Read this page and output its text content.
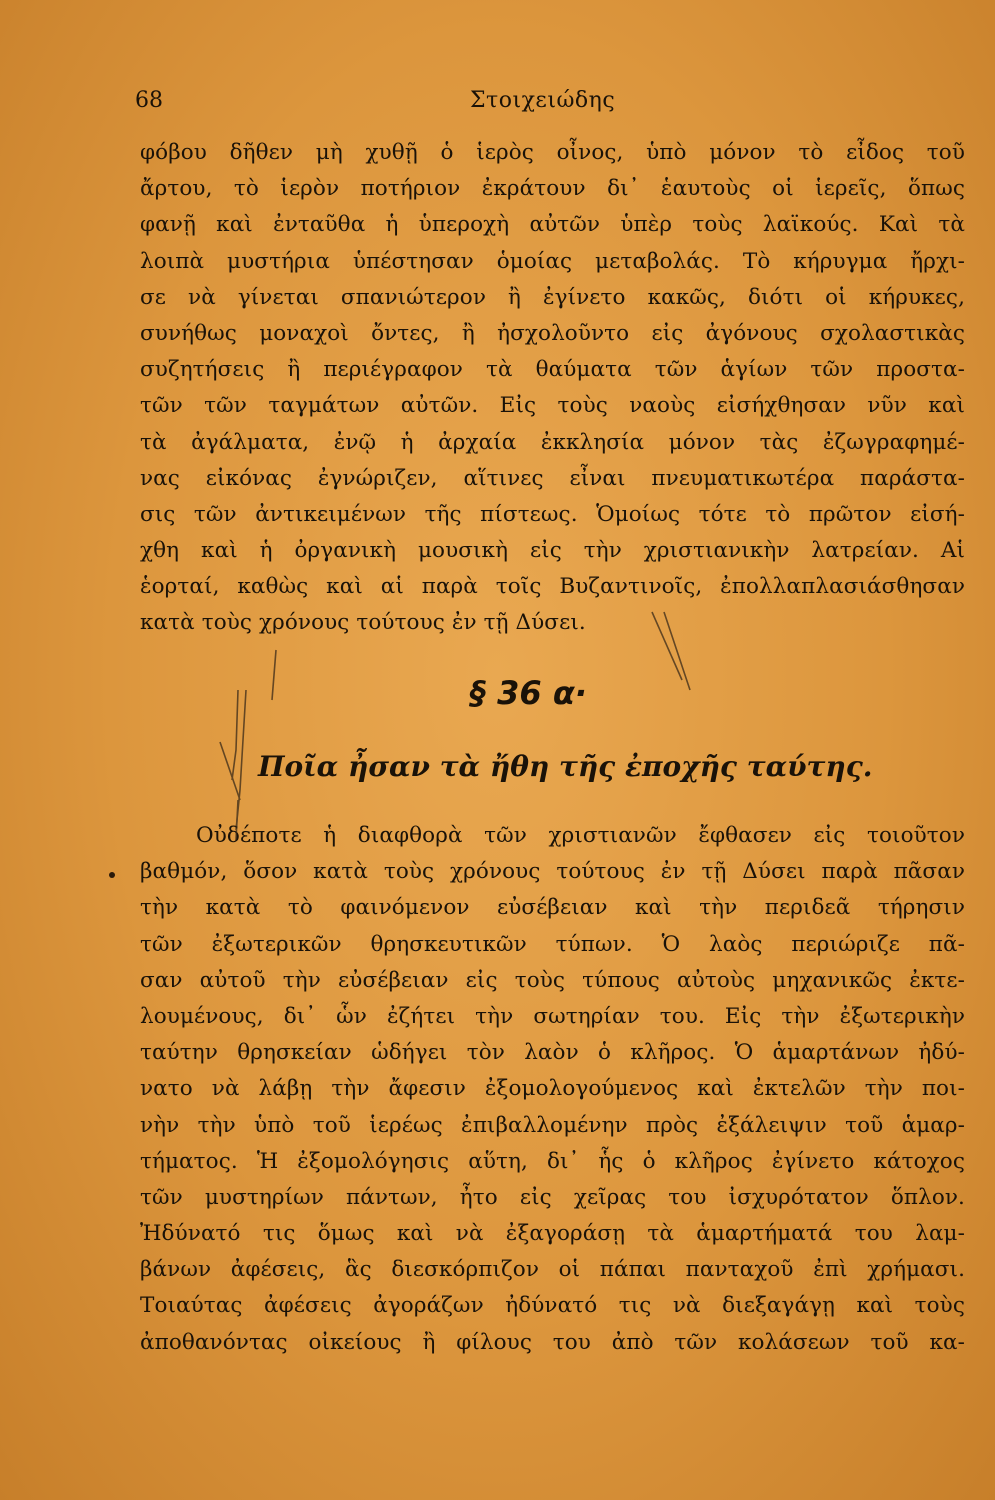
68	Στοιχειώδης
φόβου δῆθεν μὴ χυθῇ ὁ ἱερὸς οἶνος, ὑπὸ μόνον τὸ εἶδος τοῦ
ἄρτου, τὸ ἱερὸν ποτήριον ἐκράτουν δι᾽ ἑαυτοὺς οἱ ἱερεῖς, ὅπως
φανῇ καὶ ἐνταῦθα ἡ ὑπεροχὴ αὐτῶν ὑπὲρ τοὺς λαϊκούς. Καὶ τὰ
λοιπὰ μυστήρια ὑπέστησαν ὁμοίας μεταβολάς. Τὸ κήρυγμα ἤρχι-
σε νὰ γίνεται σπανιώτερον ἢ ἐγίνετο κακῶς, διότι οἱ κήρυκες,
συνήθως μοναχοὶ ὄντες, ἢ ἠσχολοῦντο εἰς ἀγόνους σχολαστικὰς
συζητήσεις ἢ περιέγραφον τὰ θαύματα τῶν ἁγίων τῶν προστα-
τῶν τῶν ταγμάτων αὐτῶν. Εἰς τοὺς ναοὺς εἰσήχθησαν νῦν καὶ
τὰ ἀγάλματα, ἐνῷ ἡ ἀρχαία ἐκκλησία μόνον τὰς ἐζωγραφημέ-
νας εἰκόνας ἐγνώριζεν, αἵτινες εἶναι πνευματικωτέρα παράστα-
σις τῶν ἀντικειμένων τῆς πίστεως. Ὁμοίως τότε τὸ πρῶτον εἰσή-
χθη καὶ ἡ ὀργανικὴ μουσικὴ εἰς τὴν χριστιανικὴν λατρείαν. Αἱ
ἑορταί, καθὼς καὶ αἱ παρὰ τοῖς Βυζαντινοῖς, ἐπολλαπλασιάσθησαν
κατὰ τοὺς χρόνους τούτους ἐν τῇ Δύσει.
§ 36 α·
Ποῖα ἦσαν τὰ ἤθη τῆς ἐποχῆς ταύτης.
Οὐδέποτε ἡ διαφθορὰ τῶν χριστιανῶν ἔφθασεν εἰς τοιοῦτον
βαθμόν, ὅσον κατὰ τοὺς χρόνους τούτους ἐν τῇ Δύσει παρὰ πᾶσαν
τὴν κατὰ τὸ φαινόμενον εὐσέβειαν καὶ τὴν περιδεᾶ τήρησιν
τῶν ἐξωτερικῶν θρησκευτικῶν τύπων. Ὁ λαὸς περιώριζε πᾶ-
σαν αὐτοῦ τὴν εὐσέβειαν εἰς τοὺς τύπους αὐτοὺς μηχανικῶς ἐκτε-
λουμένους, δι᾽ ὧν ἐζήτει τὴν σωτηρίαν του. Εἰς τὴν ἐξωτερικὴν
ταύτην θρησκείαν ὡδήγει τὸν λαὸν ὁ κλῆρος. Ὁ ἁμαρτάνων ἠδύ-
νατο νὰ λάβῃ τὴν ἄφεσιν ἐξομολογούμενος καὶ ἐκτελῶν τὴν ποι-
νὴν τὴν ὑπὸ τοῦ ἱερέως ἐπιβαλλομένην πρὸς ἐξάλειψιν τοῦ ἁμαρ-
τήματος. Ἡ ἐξομολόγησις αὕτη, δι᾽ ἧς ὁ κλῆρος ἐγίνετο κάτοχος
τῶν μυστηρίων πάντων, ἦτο εἰς χεῖρας του ἰσχυρότατον ὅπλον.
Ἠδύνατό τις ὅμως καὶ νὰ ἐξαγοράσῃ τὰ ἁμαρτήματά του λαμ-
βάνων ἀφέσεις, ἃς διεσκόρπιζον οἱ πάπαι πανταχοῦ ἐπὶ χρήμασι.
Τοιαύτας ἀφέσεις ἀγοράζων ἠδύνατό τις νὰ διεξαγάγῃ καὶ τοὺς
ἀποθανόντας οἰκείους ἢ φίλους του ἀπὸ τῶν κολάσεων τοῦ κα-
